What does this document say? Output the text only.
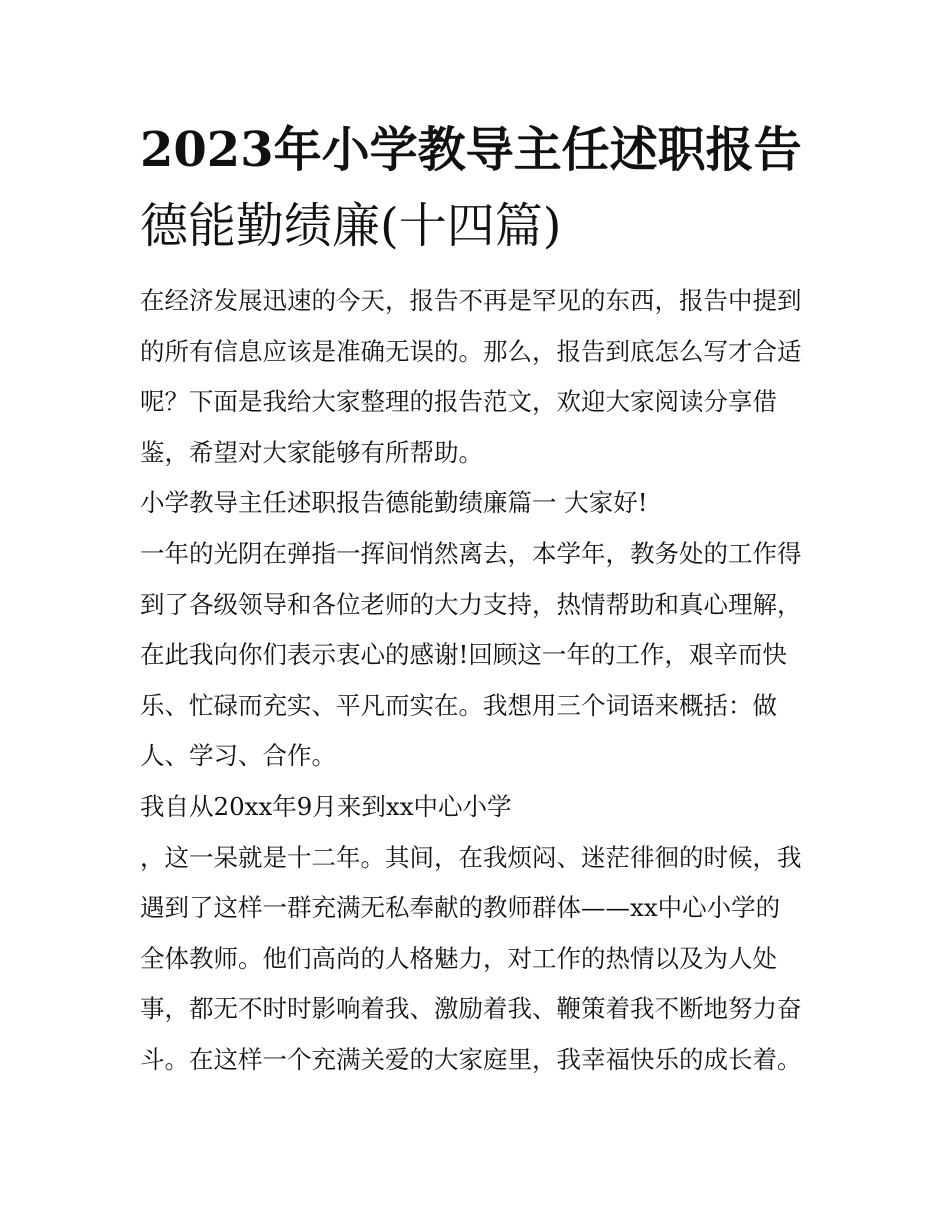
2023年小学教导主任述职报告
德能勤绩廉(十四篇)
在经济发展迅速的今天，报告不再是罕见的东西，报告中提到
的所有信息应该是准确无误的。那么，报告到底怎么写才合适
呢？下面是我给大家整理的报告范文，欢迎大家阅读分享借
鉴，希望对大家能够有所帮助。
小学教导主任述职报告德能勤绩廉篇一 大家好!
一年的光阴在弹指一挥间悄然离去，本学年，教务处的工作得
到了各级领导和各位老师的大力支持，热情帮助和真心理解，
在此我向你们表示衷心的感谢!回顾这一年的工作，艰辛而快
乐、忙碌而充实、平凡而实在。我想用三个词语来概括：做
人、学习、合作。
我自从20xx年9月来到xx中心小学
，这一呆就是十二年。其间，在我烦闷、迷茫徘徊的时候，我
遇到了这样一群充满无私奉献的教师群体——xx中心小学的
全体教师。他们高尚的人格魅力，对工作的热情以及为人处
事，都无不时时影响着我、激励着我、鞭策着我不断地努力奋
斗。在这样一个充满关爱的大家庭里，我幸福快乐的成长着。
